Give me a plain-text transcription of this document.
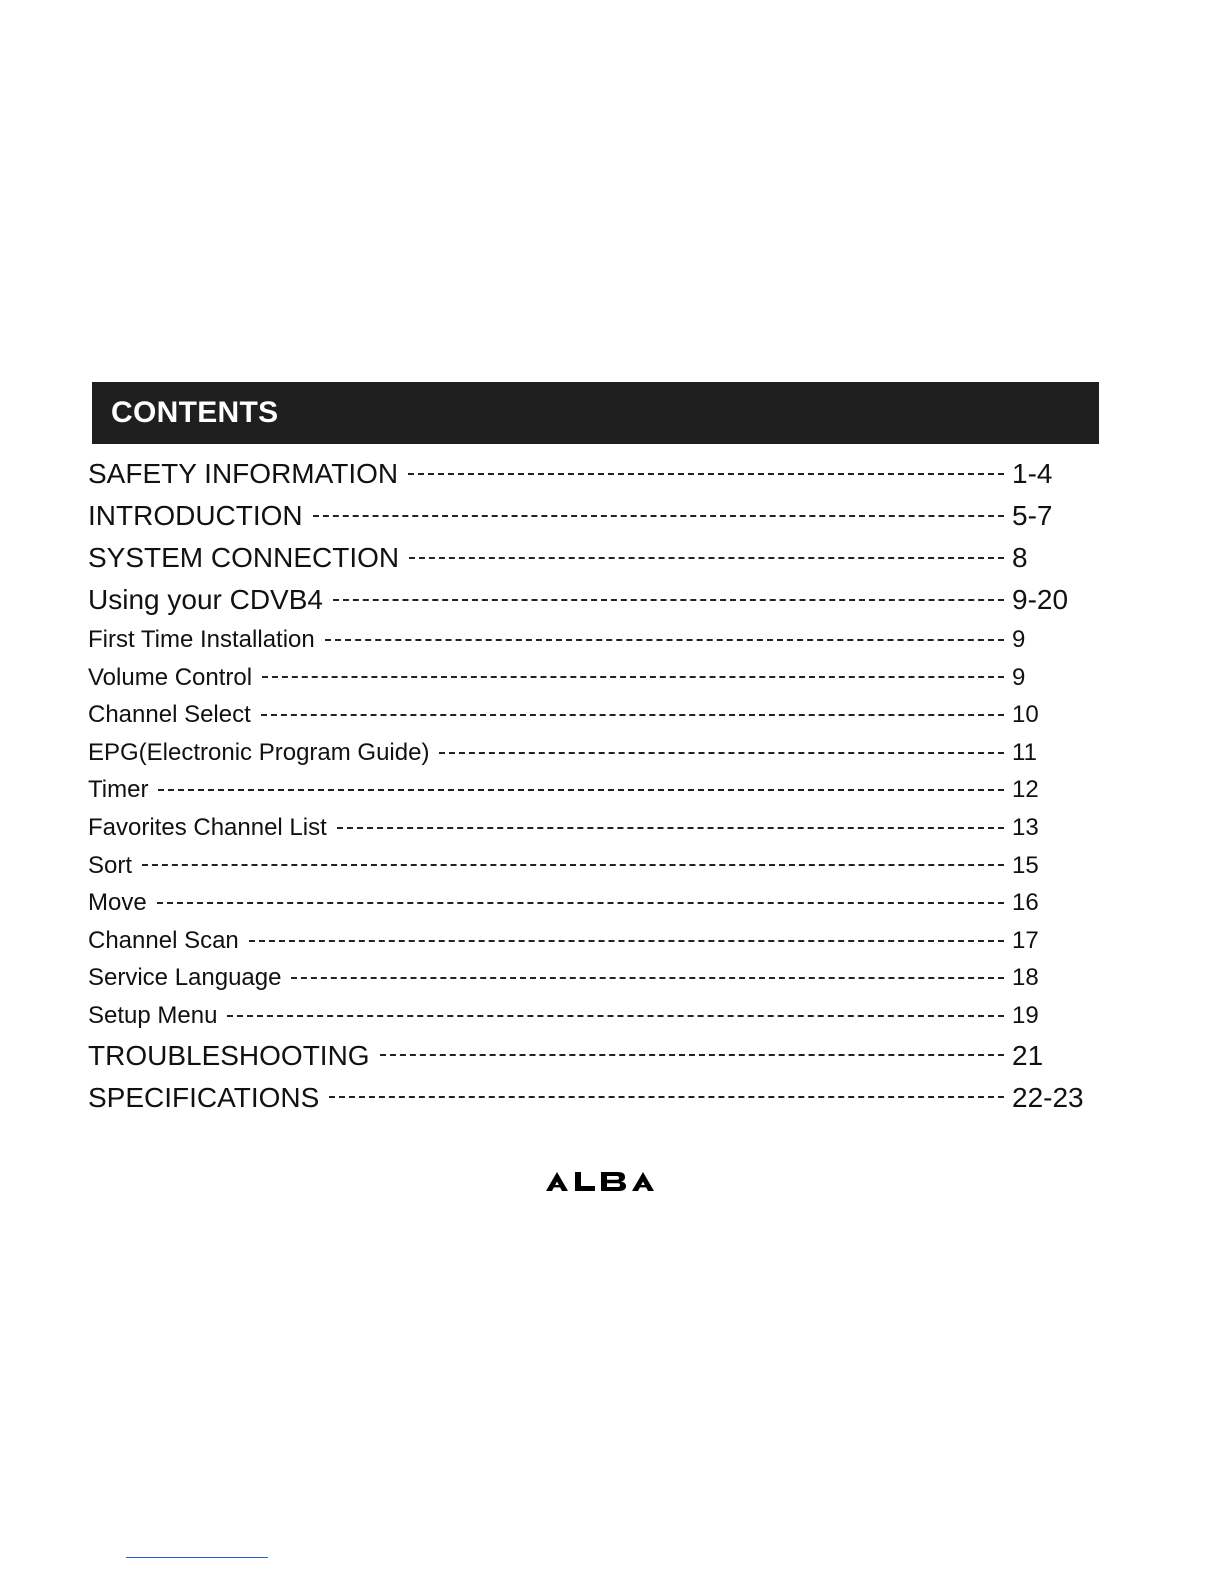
CONTENTS
SAFETY INFORMATION	1-4
INTRODUCTION	5-7
SYSTEM CONNECTION	8
Using your CDVB4	9-20
First Time Installation	9
Volume Control	9
Channel Select	10
EPG(Electronic Program Guide)	11
Timer	12
Favorites Channel List	13
Sort	15
Move	16
Channel Scan	17
Service Language	18
Setup Menu	19
TROUBLESHOOTING	21
SPECIFICATIONS	22-23
